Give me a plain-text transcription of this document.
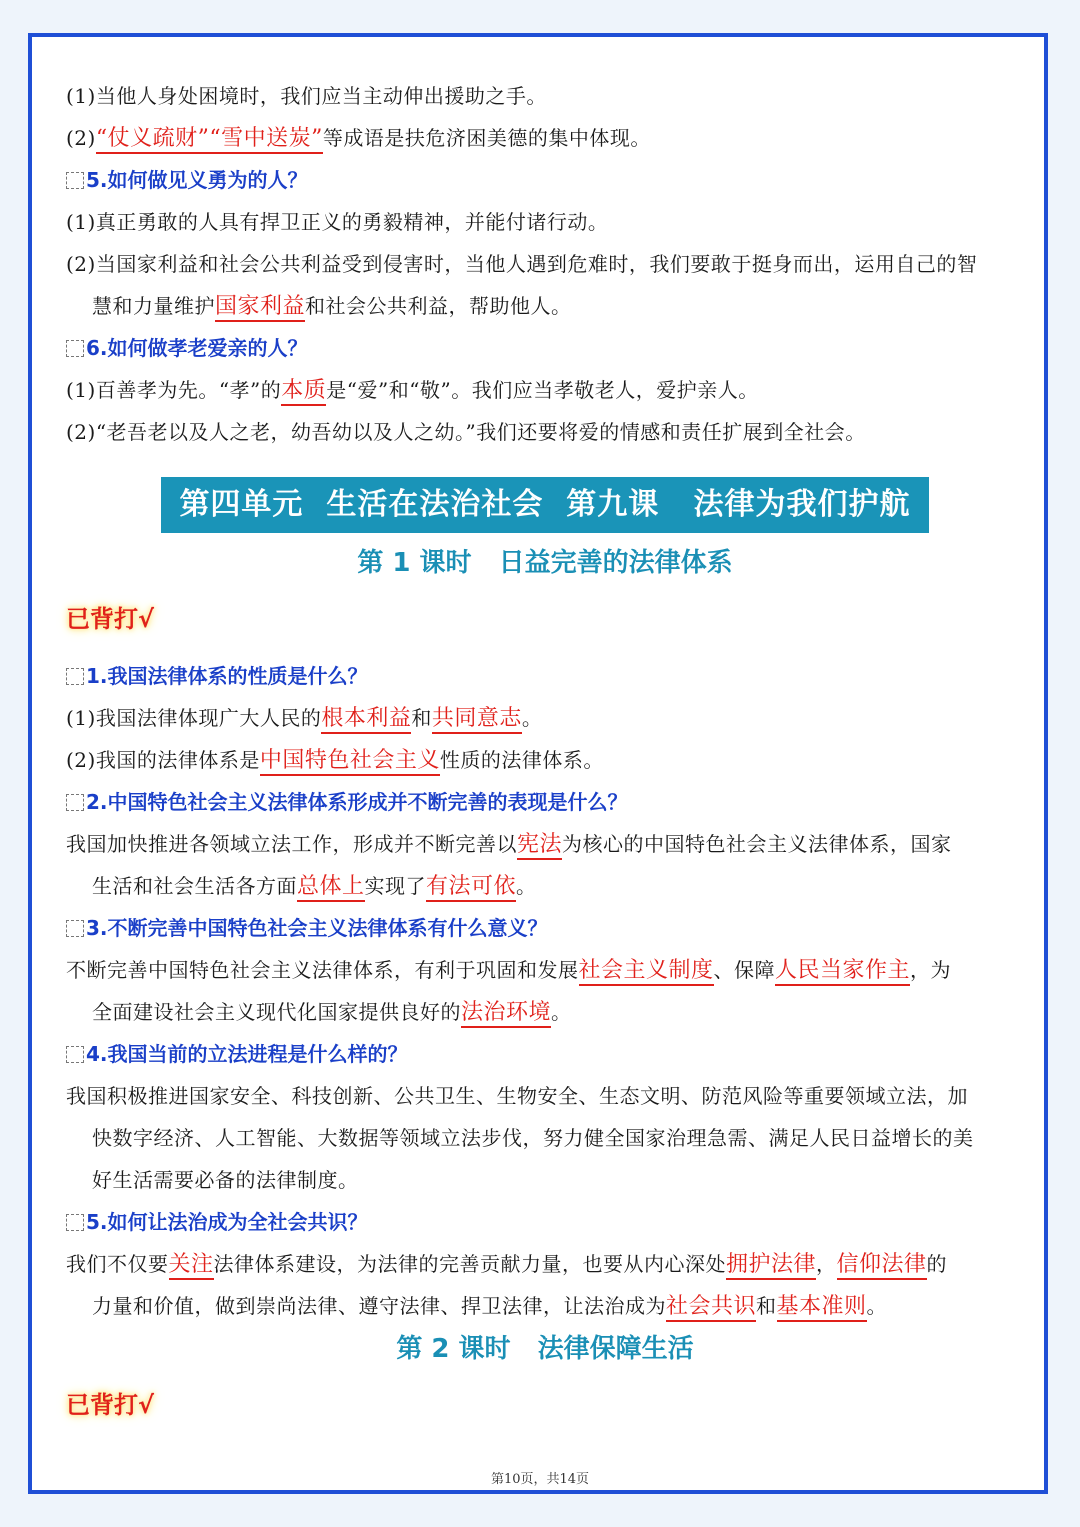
(1)当他人身处困境时，我们应当主动伸出援助之手。
(2)“仗义疏财”“雪中送炭”等成语是扶危济困美德的集中体现。
5.如何做见义勇为的人？
(1)真正勇敢的人具有捍卫正义的勇毅精神，并能付诸行动。
(2)当国家利益和社会公共利益受到侵害时，当他人遇到危难时，我们要敢于挺身而出，运用自己的智
慧和力量维护国家利益和社会公共利益，帮助他人。
6.如何做孝老爱亲的人？
(1)百善孝为先。“孝”的本质是“爱”和“敬”。我们应当孝敬老人，爱护亲人。
(2)“老吾老以及人之老，幼吾幼以及人之幼。”我们还要将爱的情感和责任扩展到全社会。
第四单元  生活在法治社会  第九课   法律为我们护航
第 1 课时   日益完善的法律体系
已背打√
1.我国法律体系的性质是什么？
(1)我国法律体现广大人民的根本利益和共同意志。
(2)我国的法律体系是中国特色社会主义性质的法律体系。
2.中国特色社会主义法律体系形成并不断完善的表现是什么？
我国加快推进各领域立法工作，形成并不断完善以宪法为核心的中国特色社会主义法律体系，国家
生活和社会生活各方面总体上实现了有法可依。
3.不断完善中国特色社会主义法律体系有什么意义？
不断完善中国特色社会主义法律体系，有利于巩固和发展社会主义制度、保障人民当家作主，为
全面建设社会主义现代化国家提供良好的法治环境。
4.我国当前的立法进程是什么样的？
我国积极推进国家安全、科技创新、公共卫生、生物安全、生态文明、防范风险等重要领域立法，加
快数字经济、人工智能、大数据等领域立法步伐，努力健全国家治理急需、满足人民日益增长的美
好生活需要必备的法律制度。
5.如何让法治成为全社会共识？
我们不仅要关注法律体系建设，为法律的完善贡献力量，也要从内心深处拥护法律，信仰法律的
力量和价值，做到崇尚法律、遵守法律、捍卫法律，让法治成为社会共识和基本准则。
第 2 课时   法律保障生活
已背打√
第10页，共14页
